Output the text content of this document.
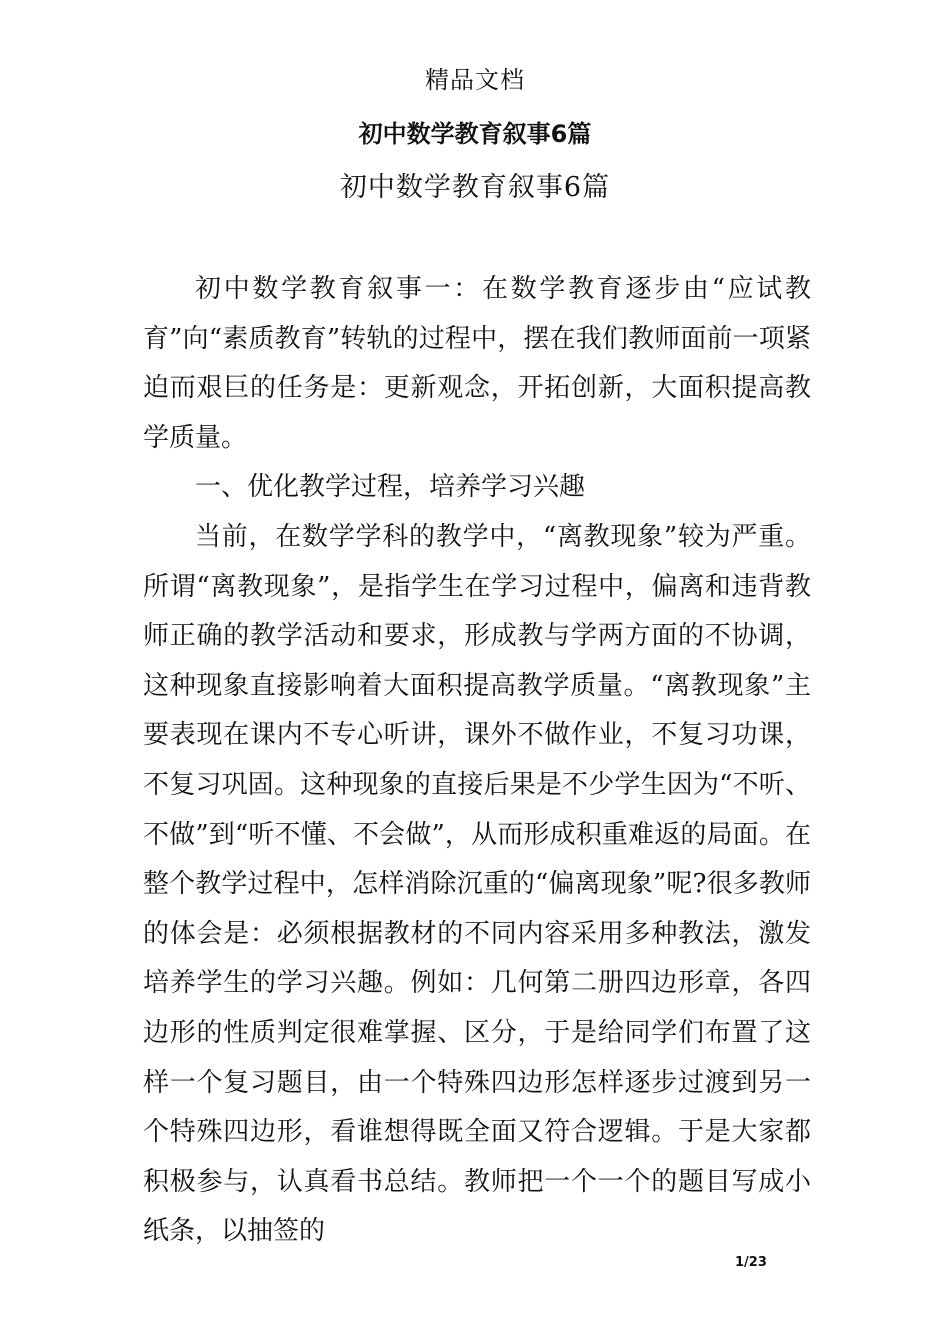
精品文档
初中数学教育叙事6篇
初中数学教育叙事6篇

初中数学教育叙事一：在数学教育逐步由“应试教育”向“素质教育”转轨的过程中，摆在我们教师面前一项紧迫而艰巨的任务是：更新观念，开拓创新，大面积提高教学质量。

一、优化教学过程，培养学习兴趣

当前，在数学学科的教学中，“离教现象”较为严重。所谓“离教现象”，是指学生在学习过程中，偏离和违背教师正确的教学活动和要求，形成教与学两方面的不协调，这种现象直接影响着大面积提高教学质量。“离教现象”主要表现在课内不专心听讲，课外不做作业，不复习功课，不复习巩固。这种现象的直接后果是不少学生因为“不听、不做”到“听不懂、不会做”，从而形成积重难返的局面。在整个教学过程中，怎样消除沉重的“偏离现象”呢?很多教师的体会是：必须根据教材的不同内容采用多种教法，激发培养学生的学习兴趣。例如：几何第二册四边形章，各四边形的性质判定很难掌握、区分，于是给同学们布置了这样一个复习题目，由一个特殊四边形怎样逐步过渡到另一个特殊四边形，看谁想得既全面又符合逻辑。于是大家都积极参与，认真看书总结。教师把一个一个的题目写成小纸条，以抽签的

1/23
